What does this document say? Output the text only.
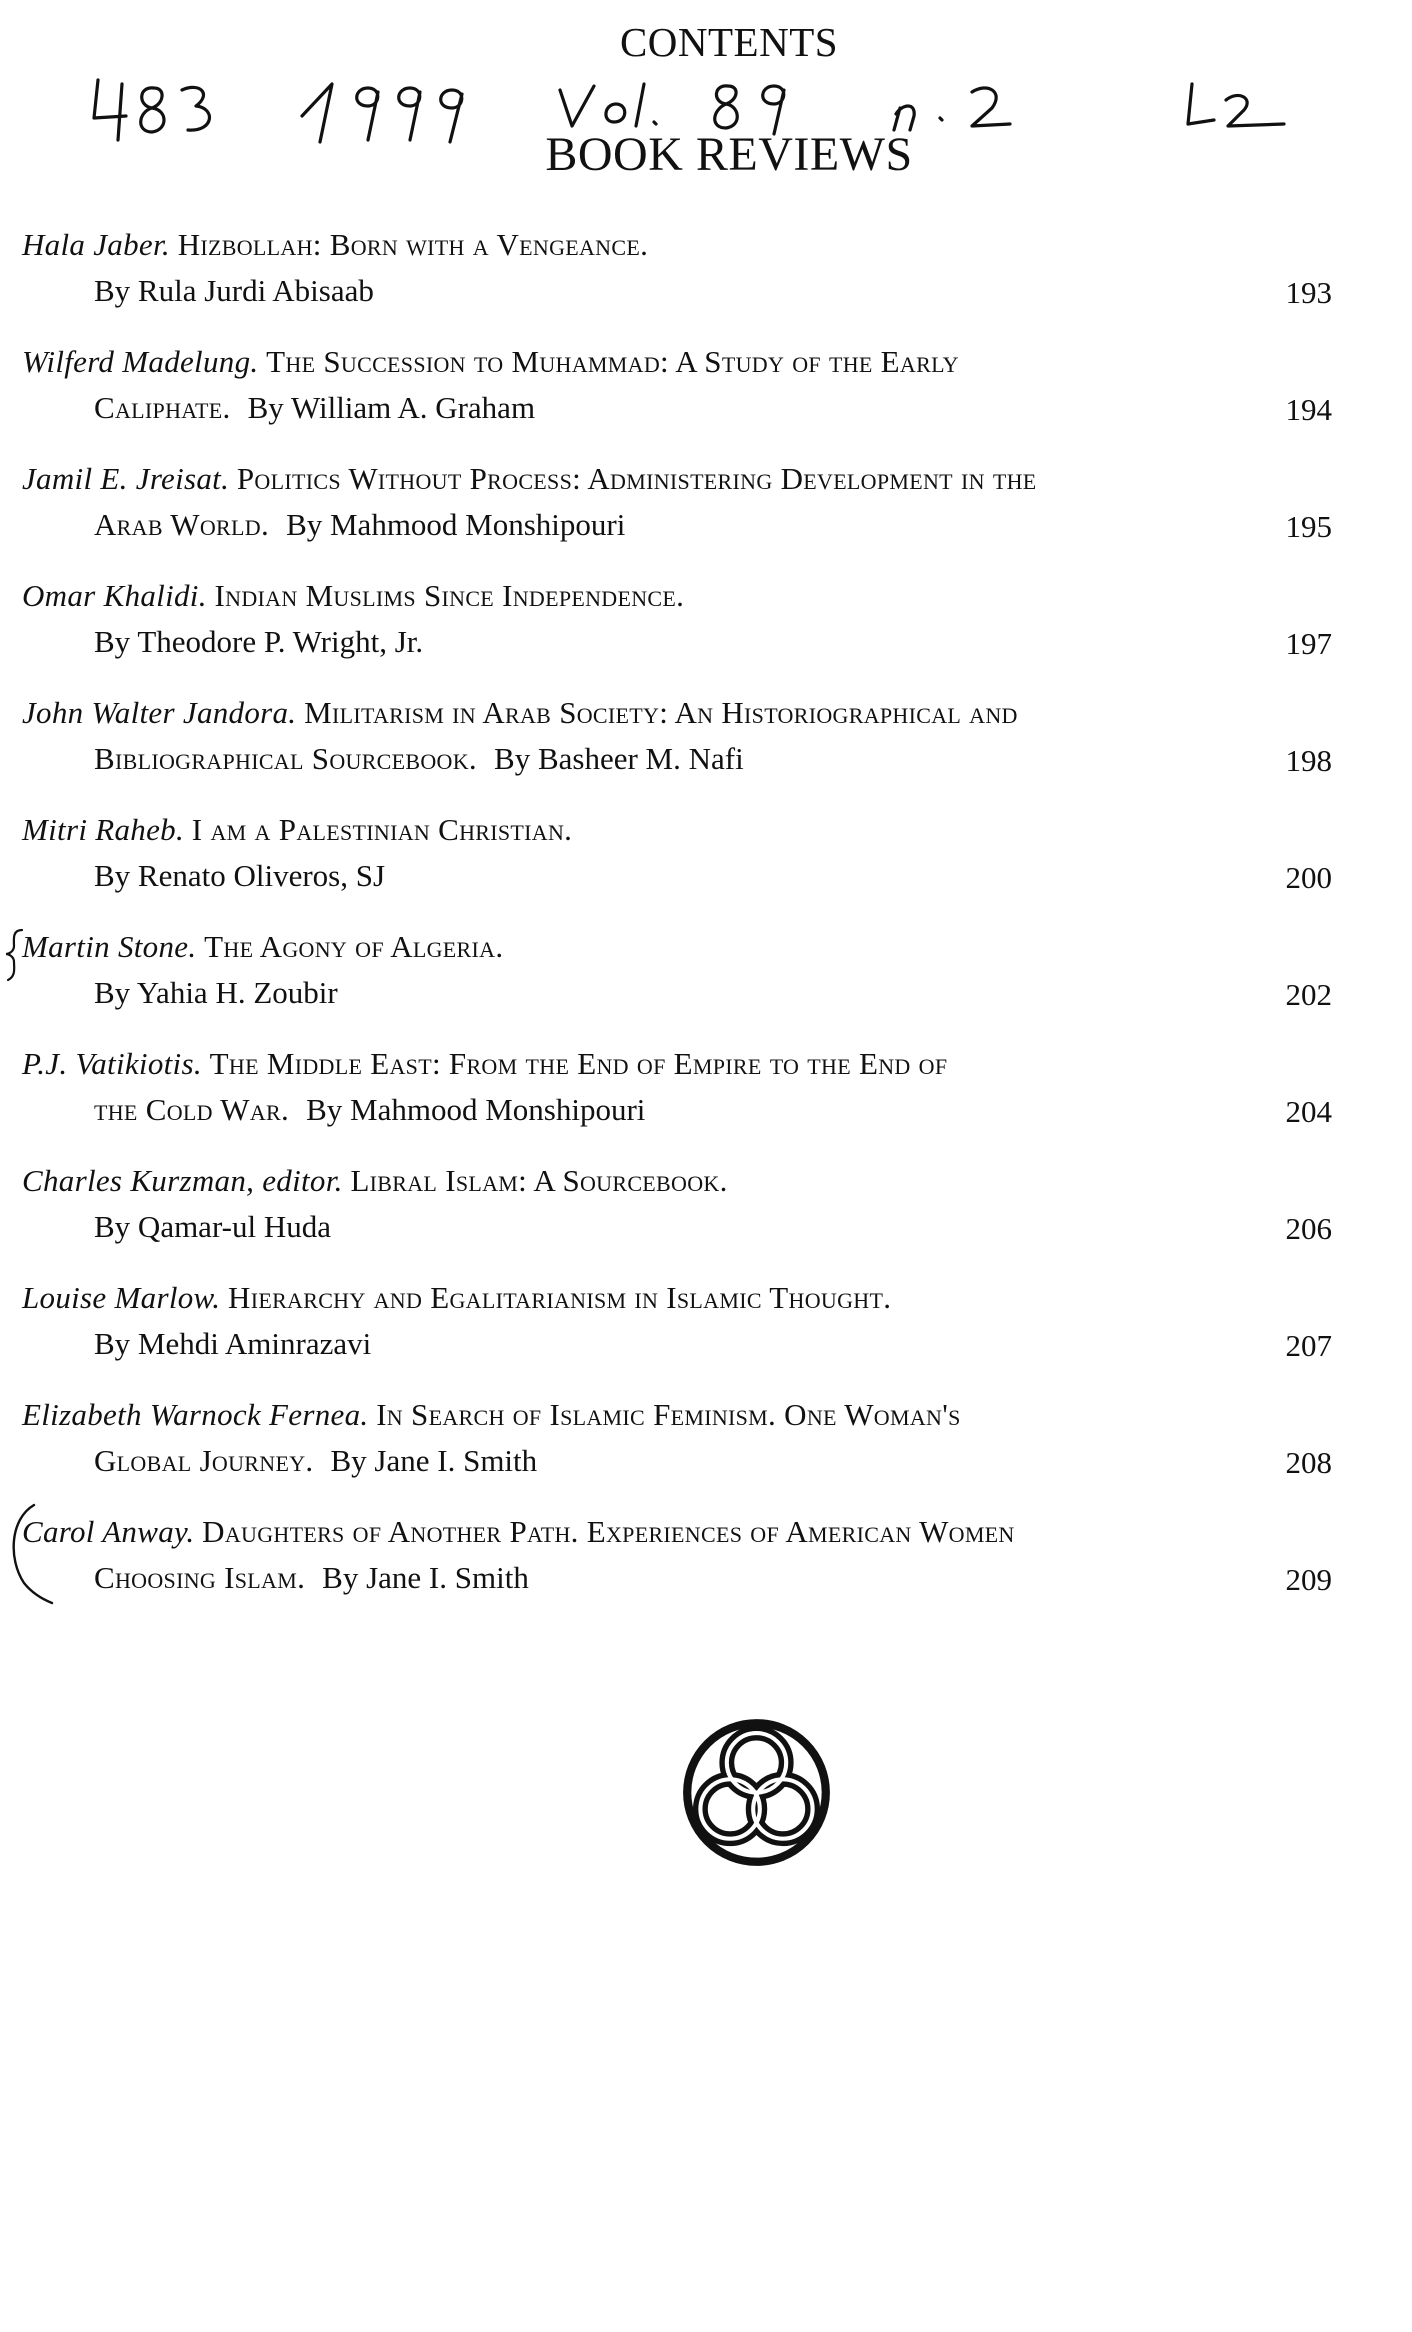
CONTENTS
BOOK REVIEWS
Hala Jaber. Hizbollah: Born with a Vengeance.
By Rula Jurdi Abisaab	193
Wilferd Madelung. The Succession to Muhammad: A Study of the Early
Caliphate. By William A. Graham	194
Jamil E. Jreisat. Politics Without Process: Administering Development in the
Arab World. By Mahmood Monshipouri	195
Omar Khalidi. Indian Muslims Since Independence.
By Theodore P. Wright, Jr.	197
John Walter Jandora. Militarism in Arab Society: An Historiographical and
Bibliographical Sourcebook. By Basheer M. Nafi	198
Mitri Raheb. I am a Palestinian Christian.
By Renato Oliveros, SJ	200
Martin Stone. The Agony of Algeria.
By Yahia H. Zoubir	202
P.J. Vatikiotis. The Middle East: From the End of Empire to the End of
the Cold War. By Mahmood Monshipouri	204
Charles Kurzman, editor. Libral Islam: A Sourcebook.
By Qamar-ul Huda	206
Louise Marlow. Hierarchy and Egalitarianism in Islamic Thought.
By Mehdi Aminrazavi	207
Elizabeth Warnock Fernea. In Search of Islamic Feminism. One Woman's
Global Journey. By Jane I. Smith	208
Carol Anway. Daughters of Another Path. Experiences of American Women
Choosing Islam. By Jane I. Smith	209
